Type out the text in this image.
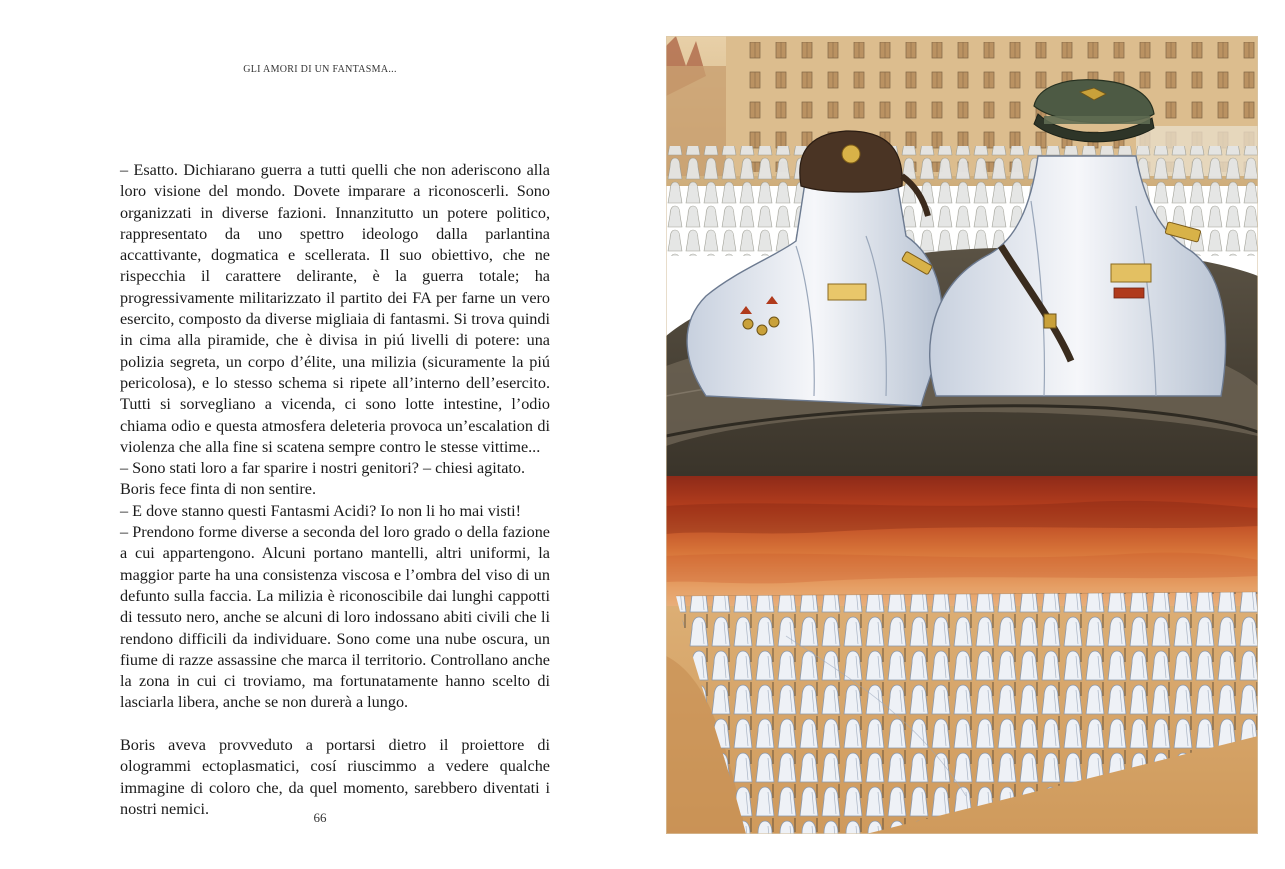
GLI AMORI DI UN FANTASMA...

– Esatto. Dichiarano guerra a tutti quelli che non aderiscono alla loro visione del mondo. Dovete imparare a riconoscerli. Sono organizzati in diverse fazioni. Innanzitutto un potere politico, rappresentato da uno spettro ideologo dalla parlantina accattivante, dogmatica e scellerata. Il suo obiettivo, che ne rispecchia il carattere delirante, è la guerra totale; ha progressivamente militarizzato il partito dei FA per farne un vero esercito, composto da diverse migliaia di fantasmi. Si trova quindi in cima alla piramide, che è divisa in piú livelli di potere: una polizia segreta, un corpo d’élite, una milizia (sicuramente la piú pericolosa), e lo stesso schema si ripete all’interno dell’esercito. Tutti si sorvegliano a vicenda, ci sono lotte intestine, l’odio chiama odio e questa atmosfera deleteria provoca un’escalation di violenza che alla fine si scatena sempre contro le stesse vittime...

– Sono stati loro a far sparire i nostri genitori? – chiesi agitato.

Boris fece finta di non sentire.

– E dove stanno questi Fantasmi Acidi? Io non li ho mai visti!

– Prendono forme diverse a seconda del loro grado o della fazione a cui appartengono. Alcuni portano mantelli, altri uniformi, la maggior parte ha una consistenza viscosa e l’ombra del viso di un defunto sulla faccia. La milizia è riconoscibile dai lunghi cappotti di tessuto nero, anche se alcuni di loro indossano abiti civili che li rendono difficili da individuare. Sono come una nube oscura, un fiume di razze assassine che marca il territorio. Controllano anche la zona in cui ci troviamo, ma fortunatamente hanno scelto di lasciarla libera, anche se non durerà a lungo.

Boris aveva provveduto a portarsi dietro il proiettore di ologrammi ectoplasmatici, cosí riuscimmo a vedere qualche immagine di coloro che, da quel momento, sarebbero diventati i nostri nemici.	66
